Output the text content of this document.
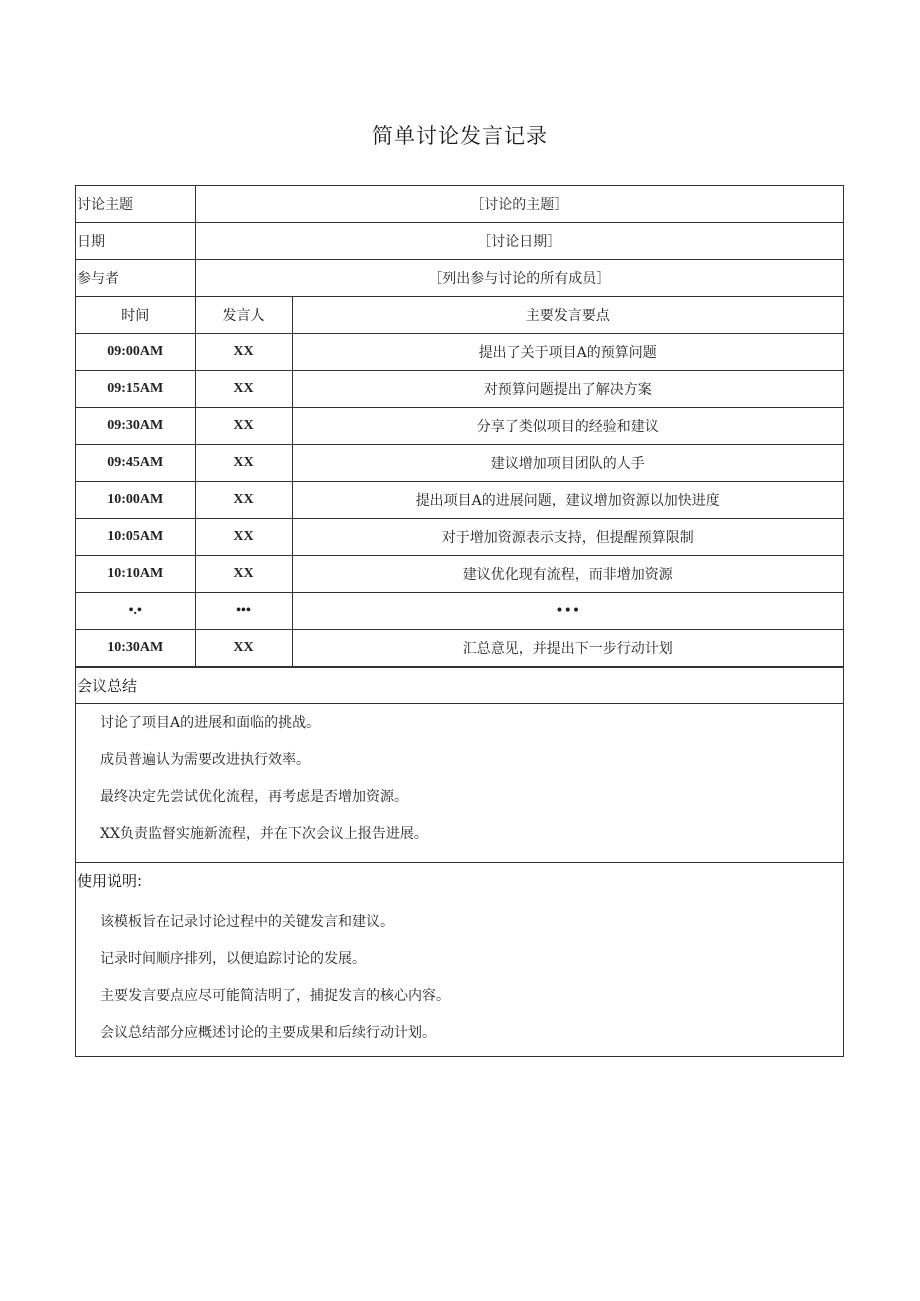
简单讨论发言记录
讨论主题	［讨论的主题］	
日期	［讨论日期］	
参与者	［列出参与讨论的所有成员］	
时间	发言人	主要发言要点
09:00AM	XX	提出了关于项目A的预算问题
09:15AM	XX	对预算问题提出了解决方案
09:30AM	XX	分享了类似项目的经验和建议
09:45AM	XX	建议增加项目团队的人手
10:00AM	XX	提出项目A的进展问题，建议增加资源以加快进度
10:05AM	XX	对于增加资源表示支持，但提醒预算限制
10:10AM	XX	建议优化现有流程，而非增加资源
•.•	•••	•••
10:30AM	XX	汇总意见，并提出下一步行动计划
会议总结

讨论了项目A的进展和面临的挑战。

成员普遍认为需要改进执行效率。

最终决定先尝试优化流程，再考虑是否增加资源。

XX负责监督实施新流程，并在下次会议上报告进展。

使用说明:

该模板旨在记录讨论过程中的关键发言和建议。

记录时间顺序排列，以便追踪讨论的发展。

主要发言要点应尽可能简洁明了，捕捉发言的核心内容。

会议总结部分应概述讨论的主要成果和后续行动计划。
